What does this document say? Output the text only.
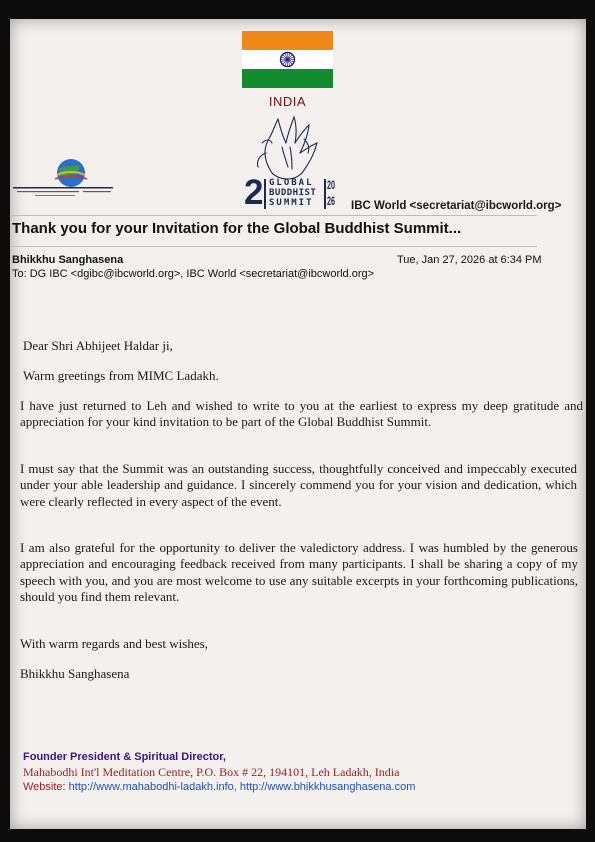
INDIA
2 GLOBAL
BUDDHIST
SUMMIT
20
26 IBC World <secretariat@ibcworld.org>
Thank you for your Invitation for the Global Buddhist Summit...
Bhikkhu Sanghasena	Tue, Jan 27, 2026 at 6:34 PM
To: DG IBC <dgibc@ibcworld.org>, IBC World <secretariat@ibcworld.org>

Dear Shri Abhijeet Haldar ji,

Warm greetings from MIMC Ladakh.

I have just returned to Leh and wished to write to you at the earliest to express my deep gratitude and appreciation for your kind invitation to be part of the Global Buddhist Summit.

I must say that the Summit was an outstanding success, thoughtfully conceived and impeccably executed under your able leadership and guidance. I sincerely commend you for your vision and dedication, which were clearly reflected in every aspect of the event.

I am also grateful for the opportunity to deliver the valedictory address. I was humbled by the generous appreciation and encouraging feedback received from many participants. I shall be sharing a copy of my speech with you, and you are most welcome to use any suitable excerpts in your forthcoming publications, should you find them relevant.

With warm regards and best wishes,

Bhikkhu Sanghasena

Founder President & Spiritual Director,
Mahabodhi Int'l Meditation Centre, P.O. Box # 22, 194101, Leh Ladakh, India
Website: http://www.mahabodhi-ladakh.info, http://www.bhikkhusanghasena.com
